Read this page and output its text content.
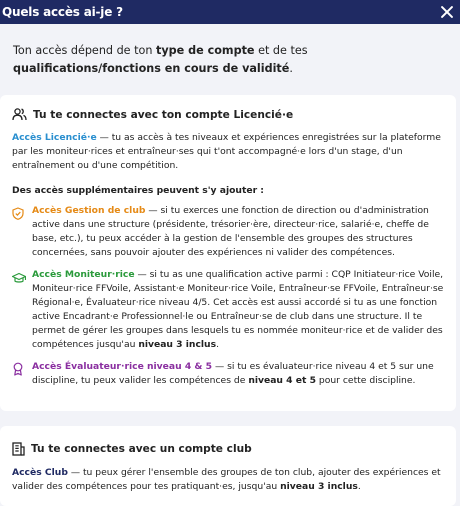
Quels accès ai-je ?
Ton accès dépend de ton type de compte et de tes qualifications/fonctions en cours de validité.
Tu te connectes avec ton compte Licencié·e

Accès Licencié·e — tu as accès à tes niveaux et expériences enregistrées sur la plateforme par les moniteur·rices et entraîneur·ses qui t'ont accompagné·e lors d'un stage, d'un entraînement ou d'une compétition.

Des accès supplémentaires peuvent s'y ajouter :

Accès Gestion de club — si tu exerces une fonction de direction ou d'administration active dans une structure (présidente, trésorier·ère, directeur·rice, salarié·e, cheffe de base, etc.), tu peux accéder à la gestion de l'ensemble des groupes des structures concernées, sans pouvoir ajouter des expériences ni valider des compétences.

Accès Moniteur·rice — si tu as une qualification active parmi : CQP Initiateur·rice Voile, Moniteur·rice FFVoile, Assistant·e Moniteur·rice Voile, Entraîneur·se FFVoile, Entraîneur·se Régional·e, Évaluateur·rice niveau 4/5. Cet accès est aussi accordé si tu as une fonction active Encadrant·e Professionnel·le ou Entraîneur·se de club dans une structure. Il te permet de gérer les groupes dans lesquels tu es nommée moniteur·rice et de valider des compétences jusqu'au niveau 3 inclus.

Accès Évaluateur·rice niveau 4 & 5 — si tu es évaluateur·rice niveau 4 et 5 sur une discipline, tu peux valider les compétences de niveau 4 et 5 pour cette discipline.

Tu te connectes avec un compte club

Accès Club — tu peux gérer l'ensemble des groupes de ton club, ajouter des expériences et valider des compétences pour tes pratiquant·es, jusqu'au niveau 3 inclus.
